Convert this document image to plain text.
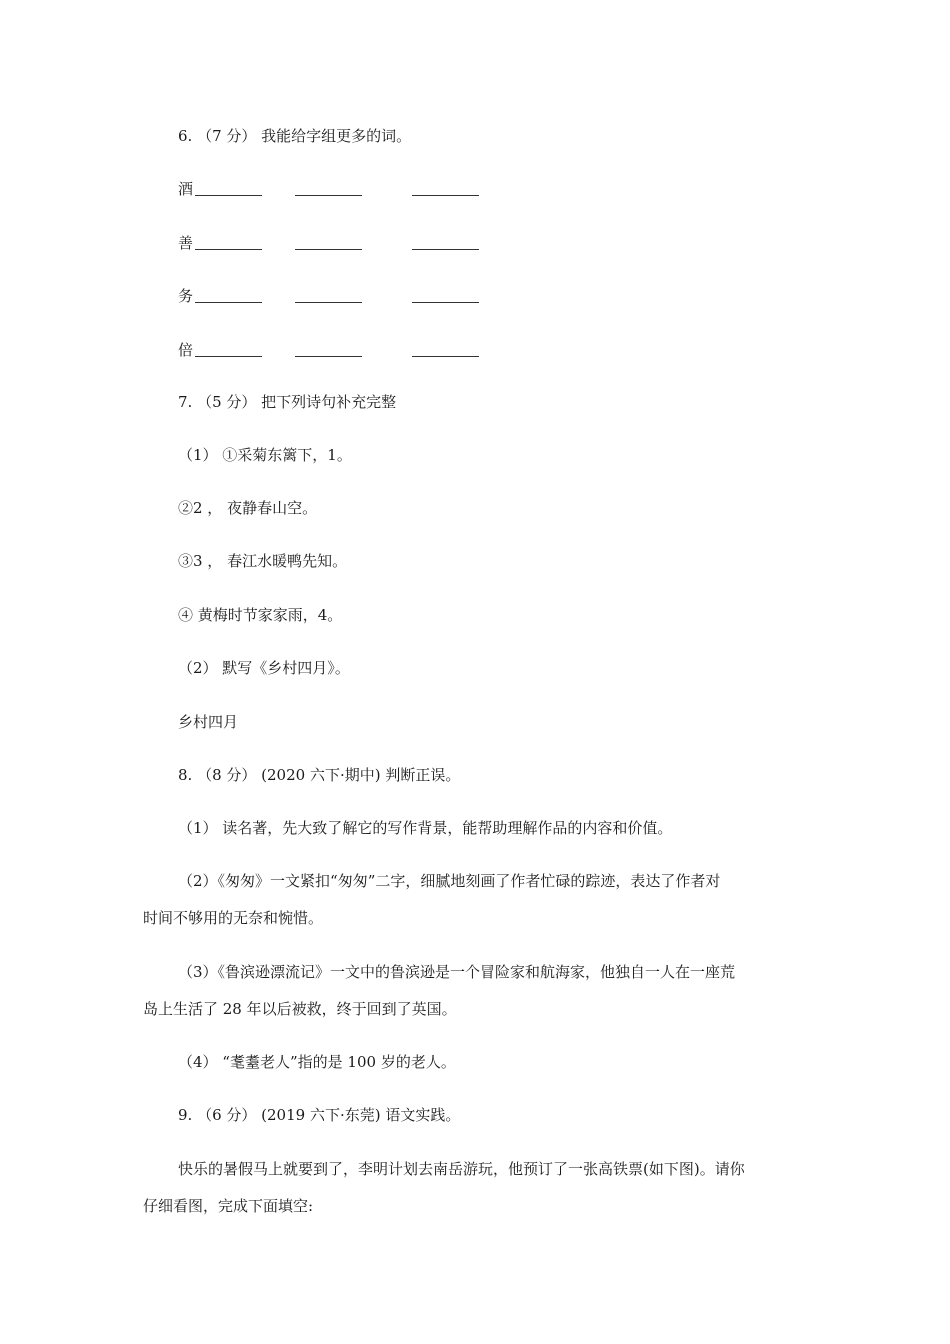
6. （7 分） 我能给字组更多的词。
酒
善
务
倍
7. （5 分） 把下列诗句补充完整
（1） ①采菊东篱下，1。
②2 ， 夜静春山空。
③3 ， 春江水暖鸭先知。
④ 黄梅时节家家雨，4。
（2） 默写《乡村四月》。
乡村四月
8. （8 分） (2020 六下·期中) 判断正误。
（1） 读名著，先大致了解它的写作背景，能帮助理解作品的内容和价值。
（2）《匆匆》一文紧扣“匆匆”二字，细腻地刻画了作者忙碌的踪迹，表达了作者对
时间不够用的无奈和惋惜。
（3）《鲁滨逊漂流记》一文中的鲁滨逊是一个冒险家和航海家，他独自一人在一座荒
岛上生活了 28 年以后被救，终于回到了英国。
（4） “耄耋老人”指的是 100 岁的老人。
9. （6 分） (2019 六下·东莞) 语文实践。
快乐的暑假马上就要到了，李明计划去南岳游玩，他预订了一张高铁票(如下图)。请你
仔细看图，完成下面填空:
